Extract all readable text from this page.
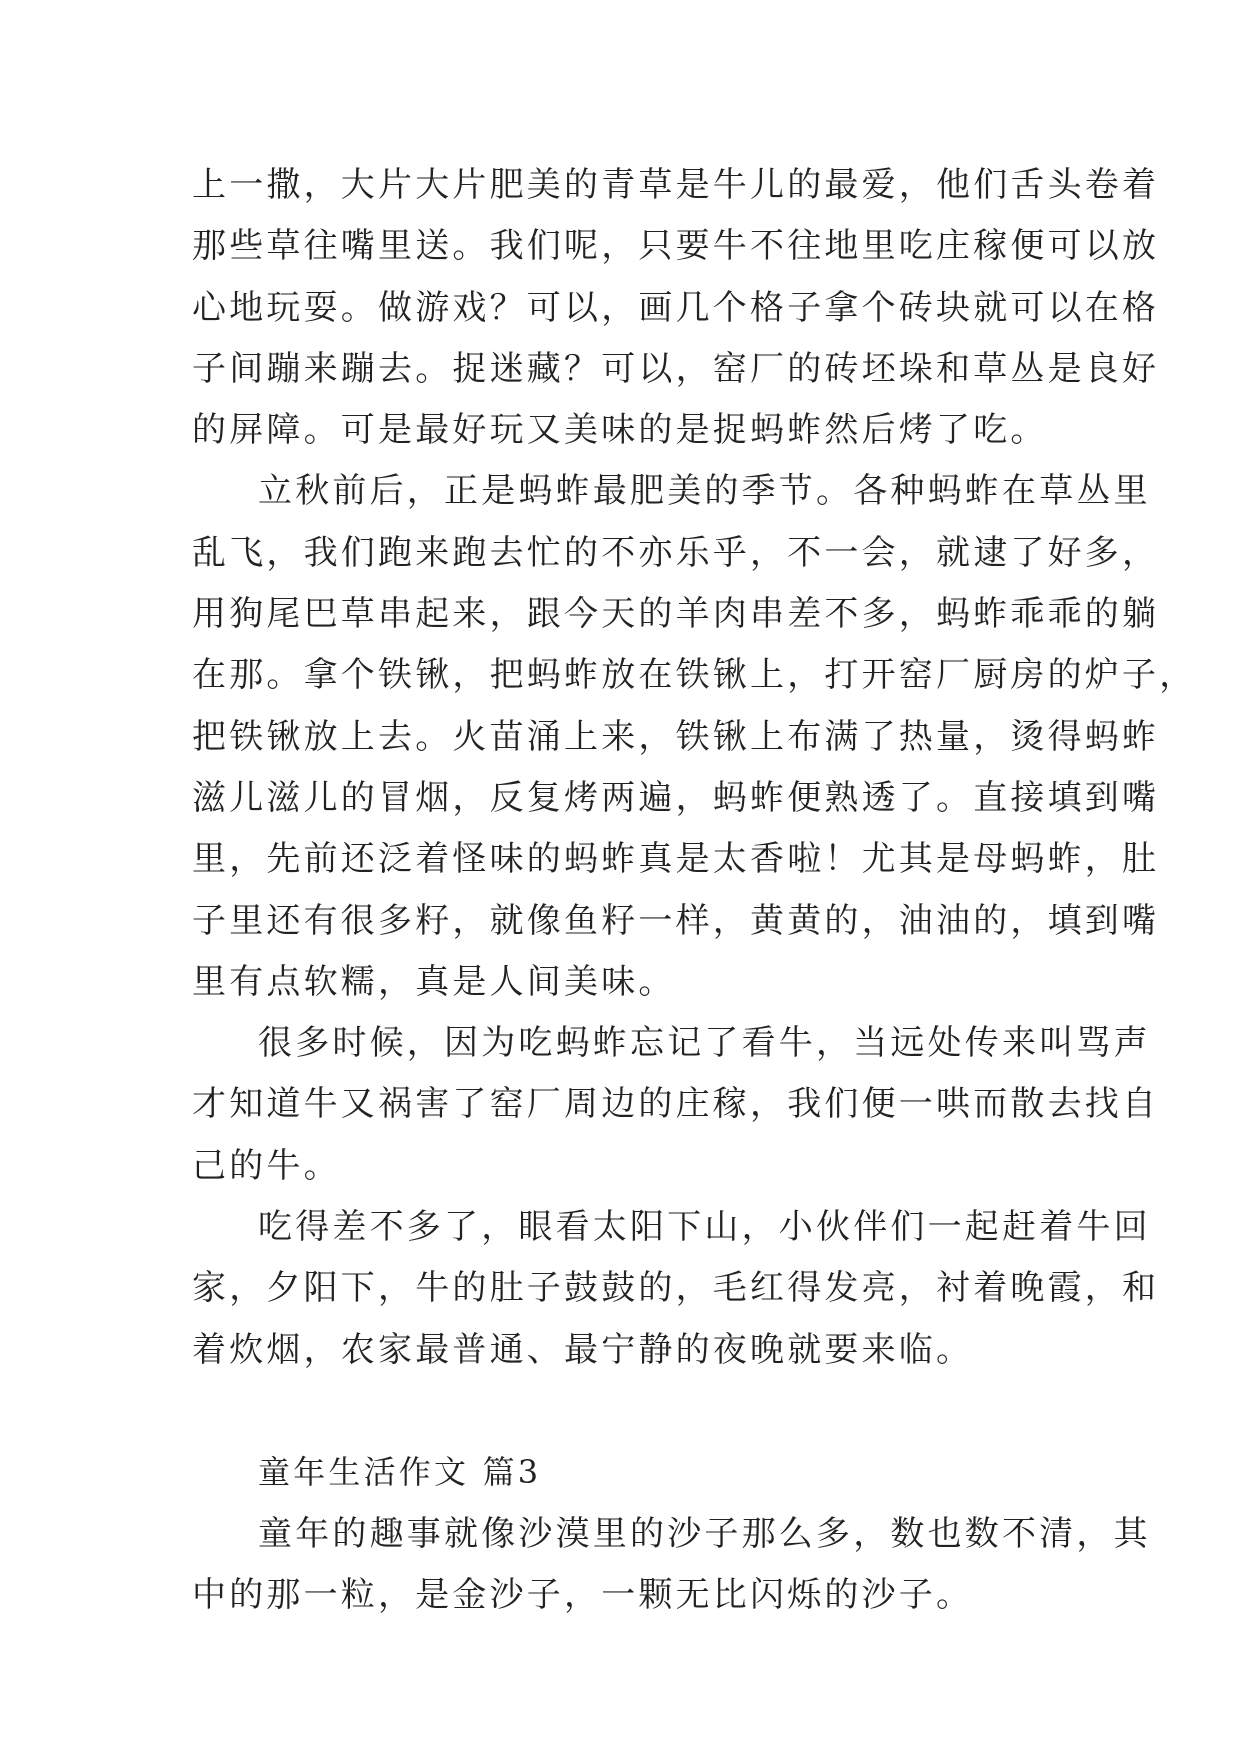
上一撒，大片大片肥美的青草是牛儿的最爱，他们舌头卷着
那些草往嘴里送。我们呢，只要牛不往地里吃庄稼便可以放
心地玩耍。做游戏？可以，画几个格子拿个砖块就可以在格
子间蹦来蹦去。捉迷藏？可以，窑厂的砖坯垛和草丛是良好
的屏障。可是最好玩又美味的是捉蚂蚱然后烤了吃。
立秋前后，正是蚂蚱最肥美的季节。各种蚂蚱在草丛里
乱飞，我们跑来跑去忙的不亦乐乎，不一会，就逮了好多，
用狗尾巴草串起来，跟今天的羊肉串差不多，蚂蚱乖乖的躺
在那。拿个铁锹，把蚂蚱放在铁锹上，打开窑厂厨房的炉子，
把铁锹放上去。火苗涌上来，铁锹上布满了热量，烫得蚂蚱
滋儿滋儿的冒烟，反复烤两遍，蚂蚱便熟透了。直接填到嘴
里，先前还泛着怪味的蚂蚱真是太香啦！尤其是母蚂蚱，肚
子里还有很多籽，就像鱼籽一样，黄黄的，油油的，填到嘴
里有点软糯，真是人间美味。
很多时候，因为吃蚂蚱忘记了看牛，当远处传来叫骂声
才知道牛又祸害了窑厂周边的庄稼，我们便一哄而散去找自
己的牛。
吃得差不多了，眼看太阳下山，小伙伴们一起赶着牛回
家，夕阳下，牛的肚子鼓鼓的，毛红得发亮，衬着晚霞，和
着炊烟，农家最普通、最宁静的夜晚就要来临。
童年生活作文 篇3
童年的趣事就像沙漠里的沙子那么多，数也数不清，其
中的那一粒，是金沙子，一颗无比闪烁的沙子。
